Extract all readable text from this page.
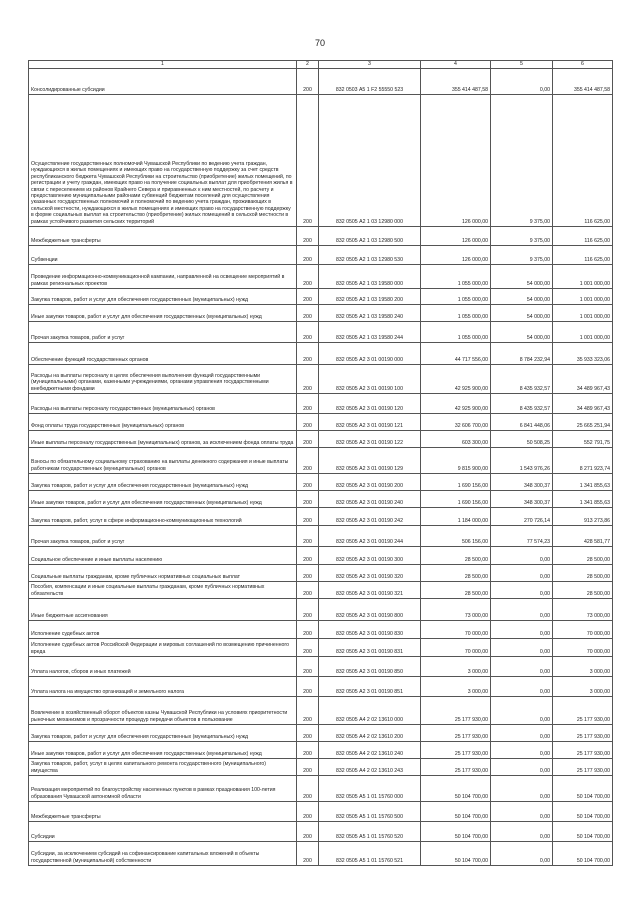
70
1	2	3	4	5	6
Консолидированные субсидии	200	832 0503 А5 1 F2 55550 523	355 414 487,58	0,00	355 414 487,58
Осуществление государственных полномочий Чувашской Республики по ведению учета граждан, нуждающихся в жилых помещениях и имеющих право на государственную поддержку за счет средств республиканского бюджета Чувашской Республики на строительство (приобретение) жилых помещений, по регистрации и учету граждан, имеющих право на получение социальных выплат для приобретения жилья в связи с переселением из районов Крайнего Севера и приравненных к ним местностей, по расчету и предоставлению муниципальными районами субвенций бюджетам поселений для осуществления указанных государственных полномочий и полномочий по ведению учета граждан, проживающих в сельской местности, нуждающихся в жилых помещениях и имеющих право на государственную поддержку в форме социальных выплат на строительство (приобретение) жилых помещений в сельской местности в рамках устойчивого развития сельских территорий	200	832 0505 А2 1 03 12980 000	126 000,00	9 375,00	116 625,00
Межбюджетные трансферты	200	832 0505 А2 1 03 12980 500	126 000,00	9 375,00	116 625,00
Субвенции	200	832 0505 А2 1 03 12980 530	126 000,00	9 375,00	116 625,00
Проведение информационно-коммуникационной кампании, направленной на освещение мероприятий в рамках региональных проектов	200	832 0505 А2 1 03 19580 000	1 055 000,00	54 000,00	1 001 000,00
Закупка товаров, работ и услуг для обеспечения государственных (муниципальных) нужд	200	832 0505 А2 1 03 19580 200	1 055 000,00	54 000,00	1 001 000,00
Иные закупки товаров, работ и услуг для обеспечения государственных (муниципальных) нужд	200	832 0505 А2 1 03 19580 240	1 055 000,00	54 000,00	1 001 000,00
Прочая закупка товаров, работ и услуг	200	832 0505 А2 1 03 19580 244	1 055 000,00	54 000,00	1 001 000,00
Обеспечение функций государственных органов	200	832 0505 А2 3 01 00190 000	44 717 556,00	8 784 232,94	35 933 323,06
Расходы на выплаты персоналу в целях обеспечения выполнения функций государственными (муниципальными) органами, казенными учреждениями, органами управления государственными внебюджетными фондами	200	832 0505 А2 3 01 00190 100	42 925 900,00	8 435 932,57	34 489 967,43
Расходы на выплаты персоналу государственных (муниципальных) органов	200	832 0505 А2 3 01 00190 120	42 925 900,00	8 435 932,57	34 489 967,43
Фонд оплаты труда государственных (муниципальных) органов	200	832 0505 А2 3 01 00190 121	32 606 700,00	6 841 448,06	25 665 251,94
Иные выплаты персоналу государственных (муниципальных) органов, за исключением фонда оплаты труда	200	832 0505 А2 3 01 00190 122	603 300,00	50 508,25	552 791,75
Взносы по обязательному социальному страхованию на выплаты денежного содержания и иные выплаты работникам государственных (муниципальных) органов	200	832 0505 А2 3 01 00190 129	9 815 900,00	1 543 976,26	8 271 923,74
Закупка товаров, работ и услуг для обеспечения государственных (муниципальных) нужд	200	832 0505 А2 3 01 00190 200	1 690 156,00	348 300,37	1 341 855,63
Иные закупки товаров, работ и услуг для обеспечения государственных (муниципальных) нужд	200	832 0505 А2 3 01 00190 240	1 690 156,00	348 300,37	1 341 855,63
Закупка товаров, работ, услуг в сфере информационно-коммуникационных технологий	200	832 0505 А2 3 01 00190 242	1 184 000,00	270 726,14	913 273,86
Прочая закупка товаров, работ и услуг	200	832 0505 А2 3 01 00190 244	506 156,00	77 574,23	428 581,77
Социальное обеспечение и иные выплаты населению	200	832 0505 А2 3 01 00190 300	28 500,00	0,00	28 500,00
Социальные выплаты гражданам, кроме публичных нормативных социальных выплат	200	832 0505 А2 3 01 00190 320	28 500,00	0,00	28 500,00
Пособия, компенсации и иные социальные выплаты гражданам, кроме публичных нормативных обязательств	200	832 0505 А2 3 01 00190 321	28 500,00	0,00	28 500,00
Иные бюджетные ассигнования	200	832 0505 А2 3 01 00190 800	73 000,00	0,00	73 000,00
Исполнение судебных актов	200	832 0505 А2 3 01 00190 830	70 000,00	0,00	70 000,00
Исполнение судебных актов Российской Федерации и мировых соглашений по возмещению причиненного вреда	200	832 0505 А2 3 01 00190 831	70 000,00	0,00	70 000,00
Уплата налогов, сборов и иных платежей	200	832 0505 А2 3 01 00190 850	3 000,00	0,00	3 000,00
Уплата налога на имущество организаций и земельного налога	200	832 0505 А2 3 01 00190 851	3 000,00	0,00	3 000,00
Вовлечение в хозяйственный оборот объектов казны Чувашской Республики на условиях приоритетности рыночных механизмов и прозрачности процедур передачи объектов в пользование	200	832 0505 А4 2 02 13610 000	25 177 930,00	0,00	25 177 930,00
Закупка товаров, работ и услуг для обеспечения государственных (муниципальных) нужд	200	832 0505 А4 2 02 13610 200	25 177 930,00	0,00	25 177 930,00
Иные закупки товаров, работ и услуг для обеспечения государственных (муниципальных) нужд	200	832 0505 А4 2 02 13610 240	25 177 930,00	0,00	25 177 930,00
Закупка товаров, работ, услуг в целях капитального ремонта государственного (муниципального) имущества	200	832 0505 А4 2 02 13610 243	25 177 930,00	0,00	25 177 930,00
Реализация мероприятий по благоустройству населенных пунктов в рамках празднования 100-летия образования Чувашской автономной области	200	832 0505 А5 1 01 15760 000	50 104 700,00	0,00	50 104 700,00
Межбюджетные трансферты	200	832 0505 А5 1 01 15760 500	50 104 700,00	0,00	50 104 700,00
Субсидии	200	832 0505 А5 1 01 15760 520	50 104 700,00	0,00	50 104 700,00
Субсидии, за исключением субсидий на софинансирование капитальных вложений в объекты государственной (муниципальной) собственности	200	832 0505 А5 1 01 15760 521	50 104 700,00	0,00	50 104 700,00
